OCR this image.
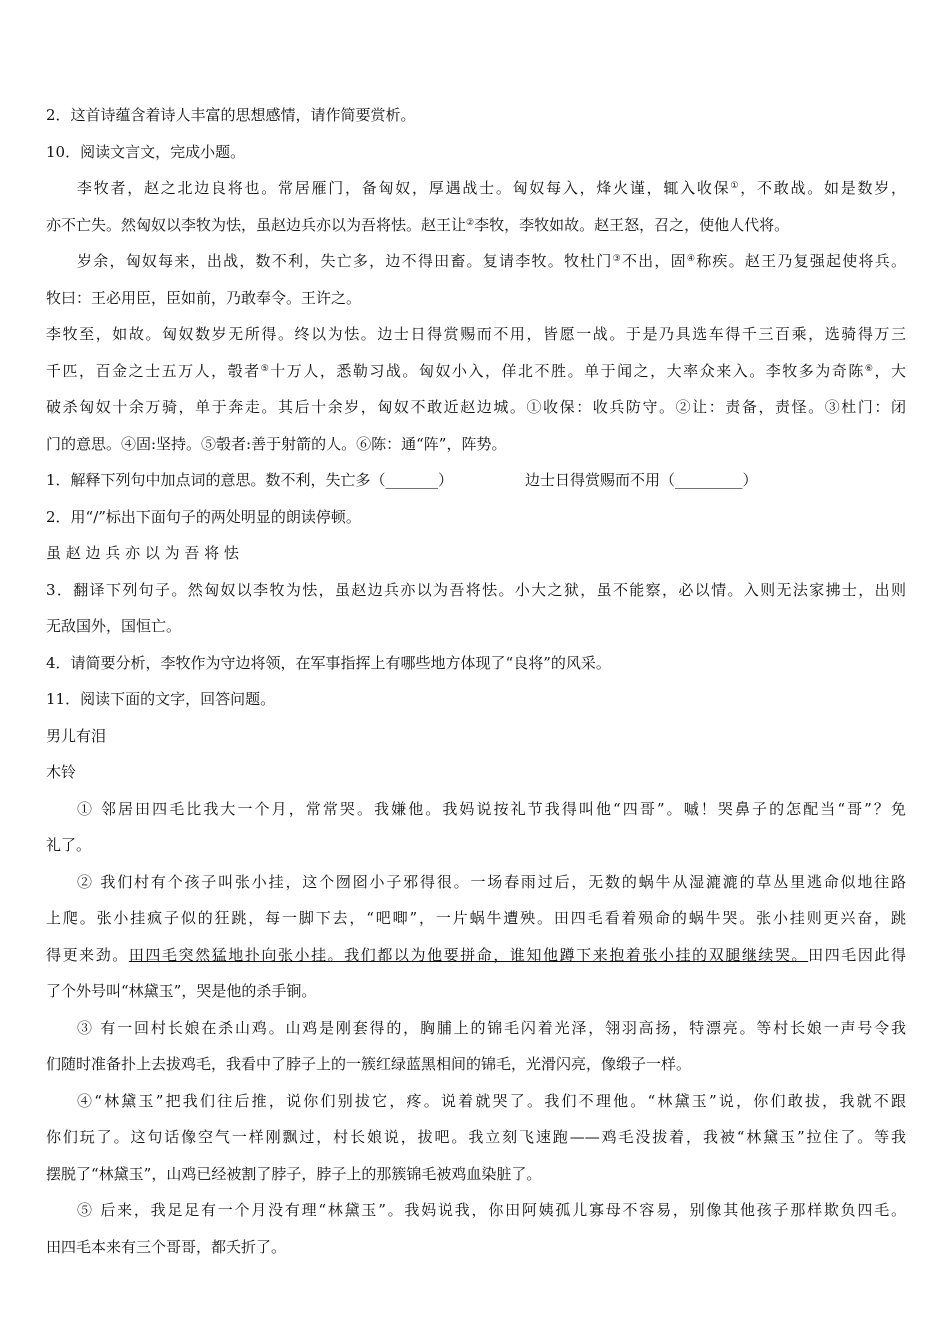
2．这首诗蕴含着诗人丰富的思想感情，请作简要赏析。
10．阅读文言文，完成小题。
李牧者，赵之北边良将也。常居雁门，备匈奴，厚遇战士。匈奴每入，烽火谨，辄入收保①，不敢战。如是数岁，
亦不亡失。然匈奴以李牧为怯，虽赵边兵亦以为吾将怯。赵王让②李牧，李牧如故。赵王怒，召之，使他人代将。
岁余，匈奴每来，出战，数不利，失亡多，边不得田畜。复请李牧。牧杜门③不出，固④称疾。赵王乃复强起使将兵。
牧曰：王必用臣，臣如前，乃敢奉令。王许之。
李牧至，如故。匈奴数岁无所得。终以为怯。边士日得赏赐而不用，皆愿一战。于是乃具选车得千三百乘，选骑得万三
千匹，百金之士五万人，彀者⑤十万人，悉勒习战。匈奴小入，佯北不胜。单于闻之，大率众来入。李牧多为奇陈⑥，大
破杀匈奴十余万骑，单于奔走。其后十余岁，匈奴不敢近赵边城。①收保：收兵防守。②让：责备，责怪。③杜门：闭
门的意思。④固:坚持。⑤彀者:善于射箭的人。⑥陈：通“阵”，阵势。
1．解释下列句中加点词的意思。数不利，失亡多（_______）	边士日得赏赐而不用（_________）
2．用“/”标出下面句子的两处明显的朗读停顿。
虽 赵 边 兵 亦 以 为 吾 将 怯
3．翻译下列句子。然匈奴以李牧为怯，虽赵边兵亦以为吾将怯。小大之狱，虽不能察，必以情。入则无法家拂士，出则
无敌国外，国恒亡。
4．请简要分析，李牧作为守边将领，在军事指挥上有哪些地方体现了“良将”的风采。
11．阅读下面的文字，回答问题。
男儿有泪
木铃
① 邻居田四毛比我大一个月，常常哭。我嫌他。我妈说按礼节我得叫他“四哥”。嘁！哭鼻子的怎配当“哥”？免
礼了。
② 我们村有个孩子叫张小挂，这个囫囵小子邪得很。一场春雨过后，无数的蜗牛从湿漉漉的草丛里逃命似地往路
上爬。张小挂疯子似的狂跳，每一脚下去，“吧唧”，一片蜗牛遭殃。田四毛看着殒命的蜗牛哭。张小挂则更兴奋，跳
得更来劲。田四毛突然猛地扑向张小挂。我们都以为他要拼命，谁知他蹲下来抱着张小挂的双腿继续哭。田四毛因此得
了个外号叫“林黛玉”，哭是他的杀手锏。
③ 有一回村长娘在杀山鸡。山鸡是刚套得的，胸脯上的锦毛闪着光泽，翎羽高扬，特漂亮。等村长娘一声号令我
们随时准备扑上去拔鸡毛，我看中了脖子上的一簇红绿蓝黑相间的锦毛，光滑闪亮，像缎子一样。
④“林黛玉”把我们往后推，说你们别拔它，疼。说着就哭了。我们不理他。“林黛玉”说，你们敢拔，我就不跟
你们玩了。这句话像空气一样刚飘过，村长娘说，拔吧。我立刻飞速跑——鸡毛没拔着，我被“林黛玉”拉住了。等我
摆脱了“林黛玉”，山鸡已经被割了脖子，脖子上的那簇锦毛被鸡血染脏了。
⑤ 后来，我足足有一个月没有理“林黛玉”。我妈说我，你田阿姨孤儿寡母不容易，别像其他孩子那样欺负四毛。
田四毛本来有三个哥哥，都夭折了。
